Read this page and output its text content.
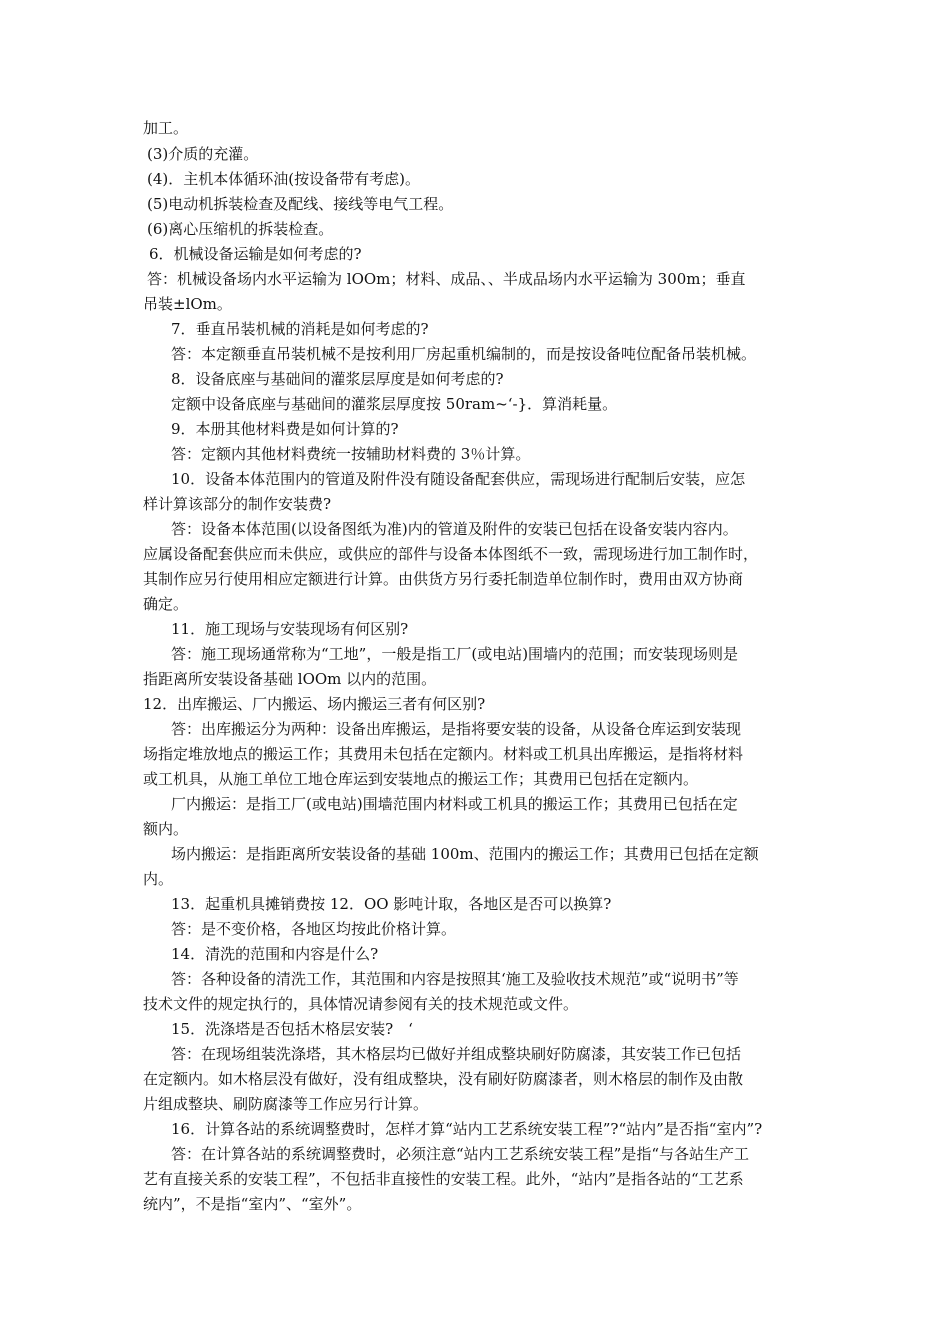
加工。
(3)介质的充灌。
(4)．主机本体循环油(按设备带有考虑)。
(5)电动机拆装检查及配线、接线等电气工程。
(6)离心压缩机的拆装检查。
6．机械设备运输是如何考虑的?
答：机械设备场内水平运输为 lOOm；材料、成品、、半成品场内水平运输为 300m；垂直
吊装±lOm。
7．垂直吊装机械的消耗是如何考虑的?
答：本定额垂直吊装机械不是按利用厂房起重机编制的，而是按设备吨位配备吊装机械。
8．设备底座与基础间的灌浆层厚度是如何考虑的?
定额中设备底座与基础间的灌浆层厚度按 50ram~‘-}．算消耗量。
9．本册其他材料费是如何计算的?
答：定额内其他材料费统一按辅助材料费的 3％计算。
10．设备本体范围内的管道及附件没有随设备配套供应，需现场进行配制后安装，应怎
样计算该部分的制作安装费?
答：设备本体范围(以设备图纸为准)内的管道及附件的安装已包括在设备安装内容内。
应属设备配套供应而未供应，或供应的部件与设备本体图纸不一致，需现场进行加工制作时，
其制作应另行使用相应定额进行计算。由供货方另行委托制造单位制作时，费用由双方协商
确定。
11．施工现场与安装现场有何区别?
答：施工现场通常称为“工地”，一般是指工厂(或电站)围墙内的范围；而安装现场则是
指距离所安装设备基础 lOOm 以内的范围。
12．出库搬运、厂内搬运、场内搬运三者有何区别?
答：出库搬运分为两种：设备出库搬运，是指将要安装的设备，从设备仓库运到安装现
场指定堆放地点的搬运工作；其费用未包括在定额内。材料或工机具出库搬运，是指将材料
或工机具，从施工单位工地仓库运到安装地点的搬运工作；其费用已包括在定额内。
厂内搬运：是指工厂(或电站)围墙范围内材料或工机具的搬运工作；其费用已包括在定
额内。
场内搬运：是指距离所安装设备的基础 100m、范围内的搬运工作；其费用已包括在定额
内。
13．起重机具摊销费按 12．OO 影吨计取，各地区是否可以换算?
答：是不变价格，各地区均按此价格计算。
14．清洗的范围和内容是什么?
答：各种设备的清洗工作，其范围和内容是按照其‘施工及验收技术规范”或“说明书”等
技术文件的规定执行的，具体情况请参阅有关的技术规范或文件。
15．洗涤塔是否包括木格层安装?　‘
答：在现场组装洗涤塔，其木格层均已做好并组成整块刷好防腐漆，其安装工作已包括
在定额内。如木格层没有做好，没有组成整块，没有刷好防腐漆者，则木格层的制作及由散
片组成整块、刷防腐漆等工作应另行计算。
16．计算各站的系统调整费时，怎样才算“站内工艺系统安装工程”?“站内”是否指“室内”?
答：在计算各站的系统调整费时，必须注意“站内工艺系统安装工程”是指“与各站生产工
艺有直接关系的安装工程”，不包括非直接性的安装工程。此外，“站内”是指各站的“工艺系
统内”，不是指“室内”、“室外”。
